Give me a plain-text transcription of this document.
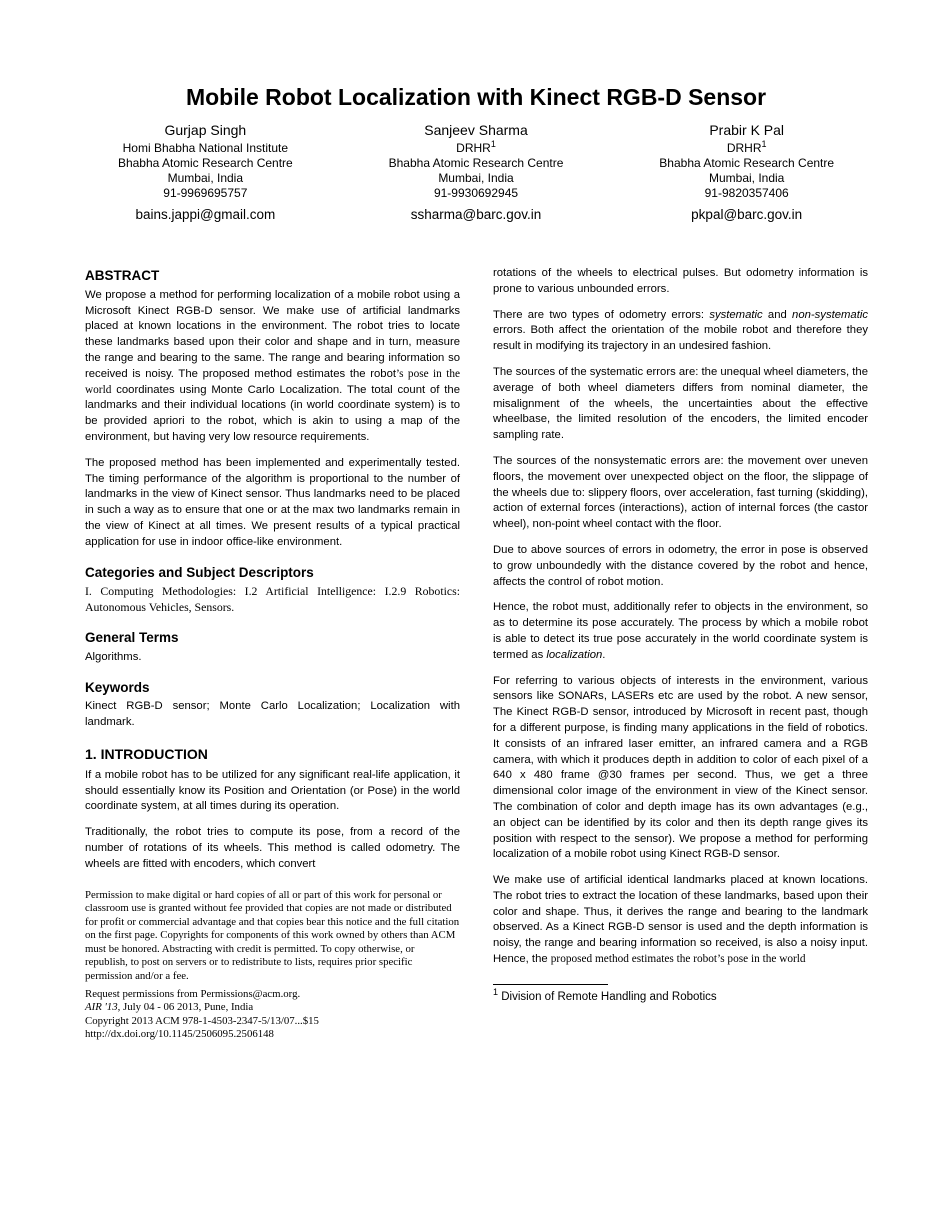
Mobile Robot Localization with Kinect RGB-D Sensor
Gurjap Singh
Homi Bhabha National Institute
Bhabha Atomic Research Centre
Mumbai, India
91-9969695757
bains.jappi@gmail.com
Sanjeev Sharma
DRHR$^1$
Bhabha Atomic Research Centre
Mumbai, India
91-9930692945
ssharma@barc.gov.in
Prabir K Pal
DRHR$^1$
Bhabha Atomic Research Centre
Mumbai, India
91-9820357406
pkpal@barc.gov.in
ABSTRACT

We propose a method for performing localization of a mobile robot using a Microsoft Kinect RGB-D sensor. We make use of artificial landmarks placed at known locations in the environment. The robot tries to locate these landmarks based upon their color and shape and in turn, measure the range and bearing to the same. The range and bearing information so received is noisy. The proposed method estimates the robot’s pose in the world coordinates using Monte Carlo Localization. The total count of the landmarks and their individual locations (in world coordinate system) is to be provided apriori to the robot, which is akin to using a map of the environment, but having very low resource requirements.

The proposed method has been implemented and experimentally tested. The timing performance of the algorithm is proportional to the number of landmarks in the view of Kinect sensor. Thus landmarks need to be placed in such a way as to ensure that one or at the max two landmarks remain in the view of Kinect at all times. We present results of a typical practical application for use in indoor office-like environment.

Categories and Subject Descriptors

I. Computing Methodologies: I.2 Artificial Intelligence: I.2.9 Robotics: Autonomous Vehicles, Sensors.

General Terms

Algorithms.

Keywords

Kinect RGB-D sensor; Monte Carlo Localization; Localization with landmark.

1. INTRODUCTION

If a mobile robot has to be utilized for any significant real-life application, it should essentially know its Position and Orientation (or Pose) in the world coordinate system, at all times during its operation.

Traditionally, the robot tries to compute its pose, from a record of the number of rotations of its wheels. This method is called odometry. The wheels are fitted with encoders, which convert

Permission to make digital or hard copies of all or part of this work for personal or classroom use is granted without fee provided that copies are not made or distributed for profit or commercial advantage and that copies bear this notice and the full citation on the first page. Copyrights for components of this work owned by others than ACM must be honored. Abstracting with credit is permitted. To copy otherwise, or republish, to post on servers or to redistribute to lists, requires prior specific permission and/or a fee.

Request permissions from Permissions@acm.org.

AIR '13, July 04 - 06 2013, Pune, India

Copyright 2013 ACM 978-1-4503-2347-5/13/07...$15

http://dx.doi.org/10.1145/2506095.2506148

rotations of the wheels to electrical pulses. But odometry information is prone to various unbounded errors.

There are two types of odometry errors: systematic and non-systematic errors. Both affect the orientation of the mobile robot and therefore they result in modifying its trajectory in an undesired fashion.

The sources of the systematic errors are: the unequal wheel diameters, the average of both wheel diameters differs from nominal diameter, the misalignment of the wheels, the uncertainties about the effective wheelbase, the limited resolution of the encoders, the limited encoder sampling rate.

The sources of the nonsystematic errors are: the movement over uneven floors, the movement over unexpected object on the floor, the slippage of the wheels due to: slippery floors, over acceleration, fast turning (skidding), action of external forces (interactions), action of internal forces (the castor wheel), non-point wheel contact with the floor.

Due to above sources of errors in odometry, the error in pose is observed to grow unboundedly with the distance covered by the robot and hence, affects the control of robot motion.

Hence, the robot must, additionally refer to objects in the environment, so as to determine its pose accurately. The process by which a mobile robot is able to detect its true pose accurately in the world coordinate system is termed as localization.

For referring to various objects of interests in the environment, various sensors like SONARs, LASERs etc are used by the robot. A new sensor, The Kinect RGB-D sensor, introduced by Microsoft in recent past, though for a different purpose, is finding many applications in the field of robotics. It consists of an infrared laser emitter, an infrared camera and a RGB camera, with which it produces depth in addition to color of each pixel of a 640 x 480 frame @30 frames per second. Thus, we get a three dimensional color image of the environment in view of the Kinect sensor. The combination of color and depth image has its own advantages (e.g., an object can be identified by its color and then its depth range gives its position with respect to the sensor). We propose a method for performing localization of a mobile robot using Kinect RGB-D sensor.

We make use of artificial identical landmarks placed at known locations. The robot tries to extract the location of these landmarks, based upon their color and shape. Thus, it derives the range and bearing to the landmark observed. As a Kinect RGB-D sensor is used and the depth information is noisy, the range and bearing information so received, is also a noisy input. Hence, the proposed method estimates the robot’s pose in the world

$^1$ Division of Remote Handling and Robotics
